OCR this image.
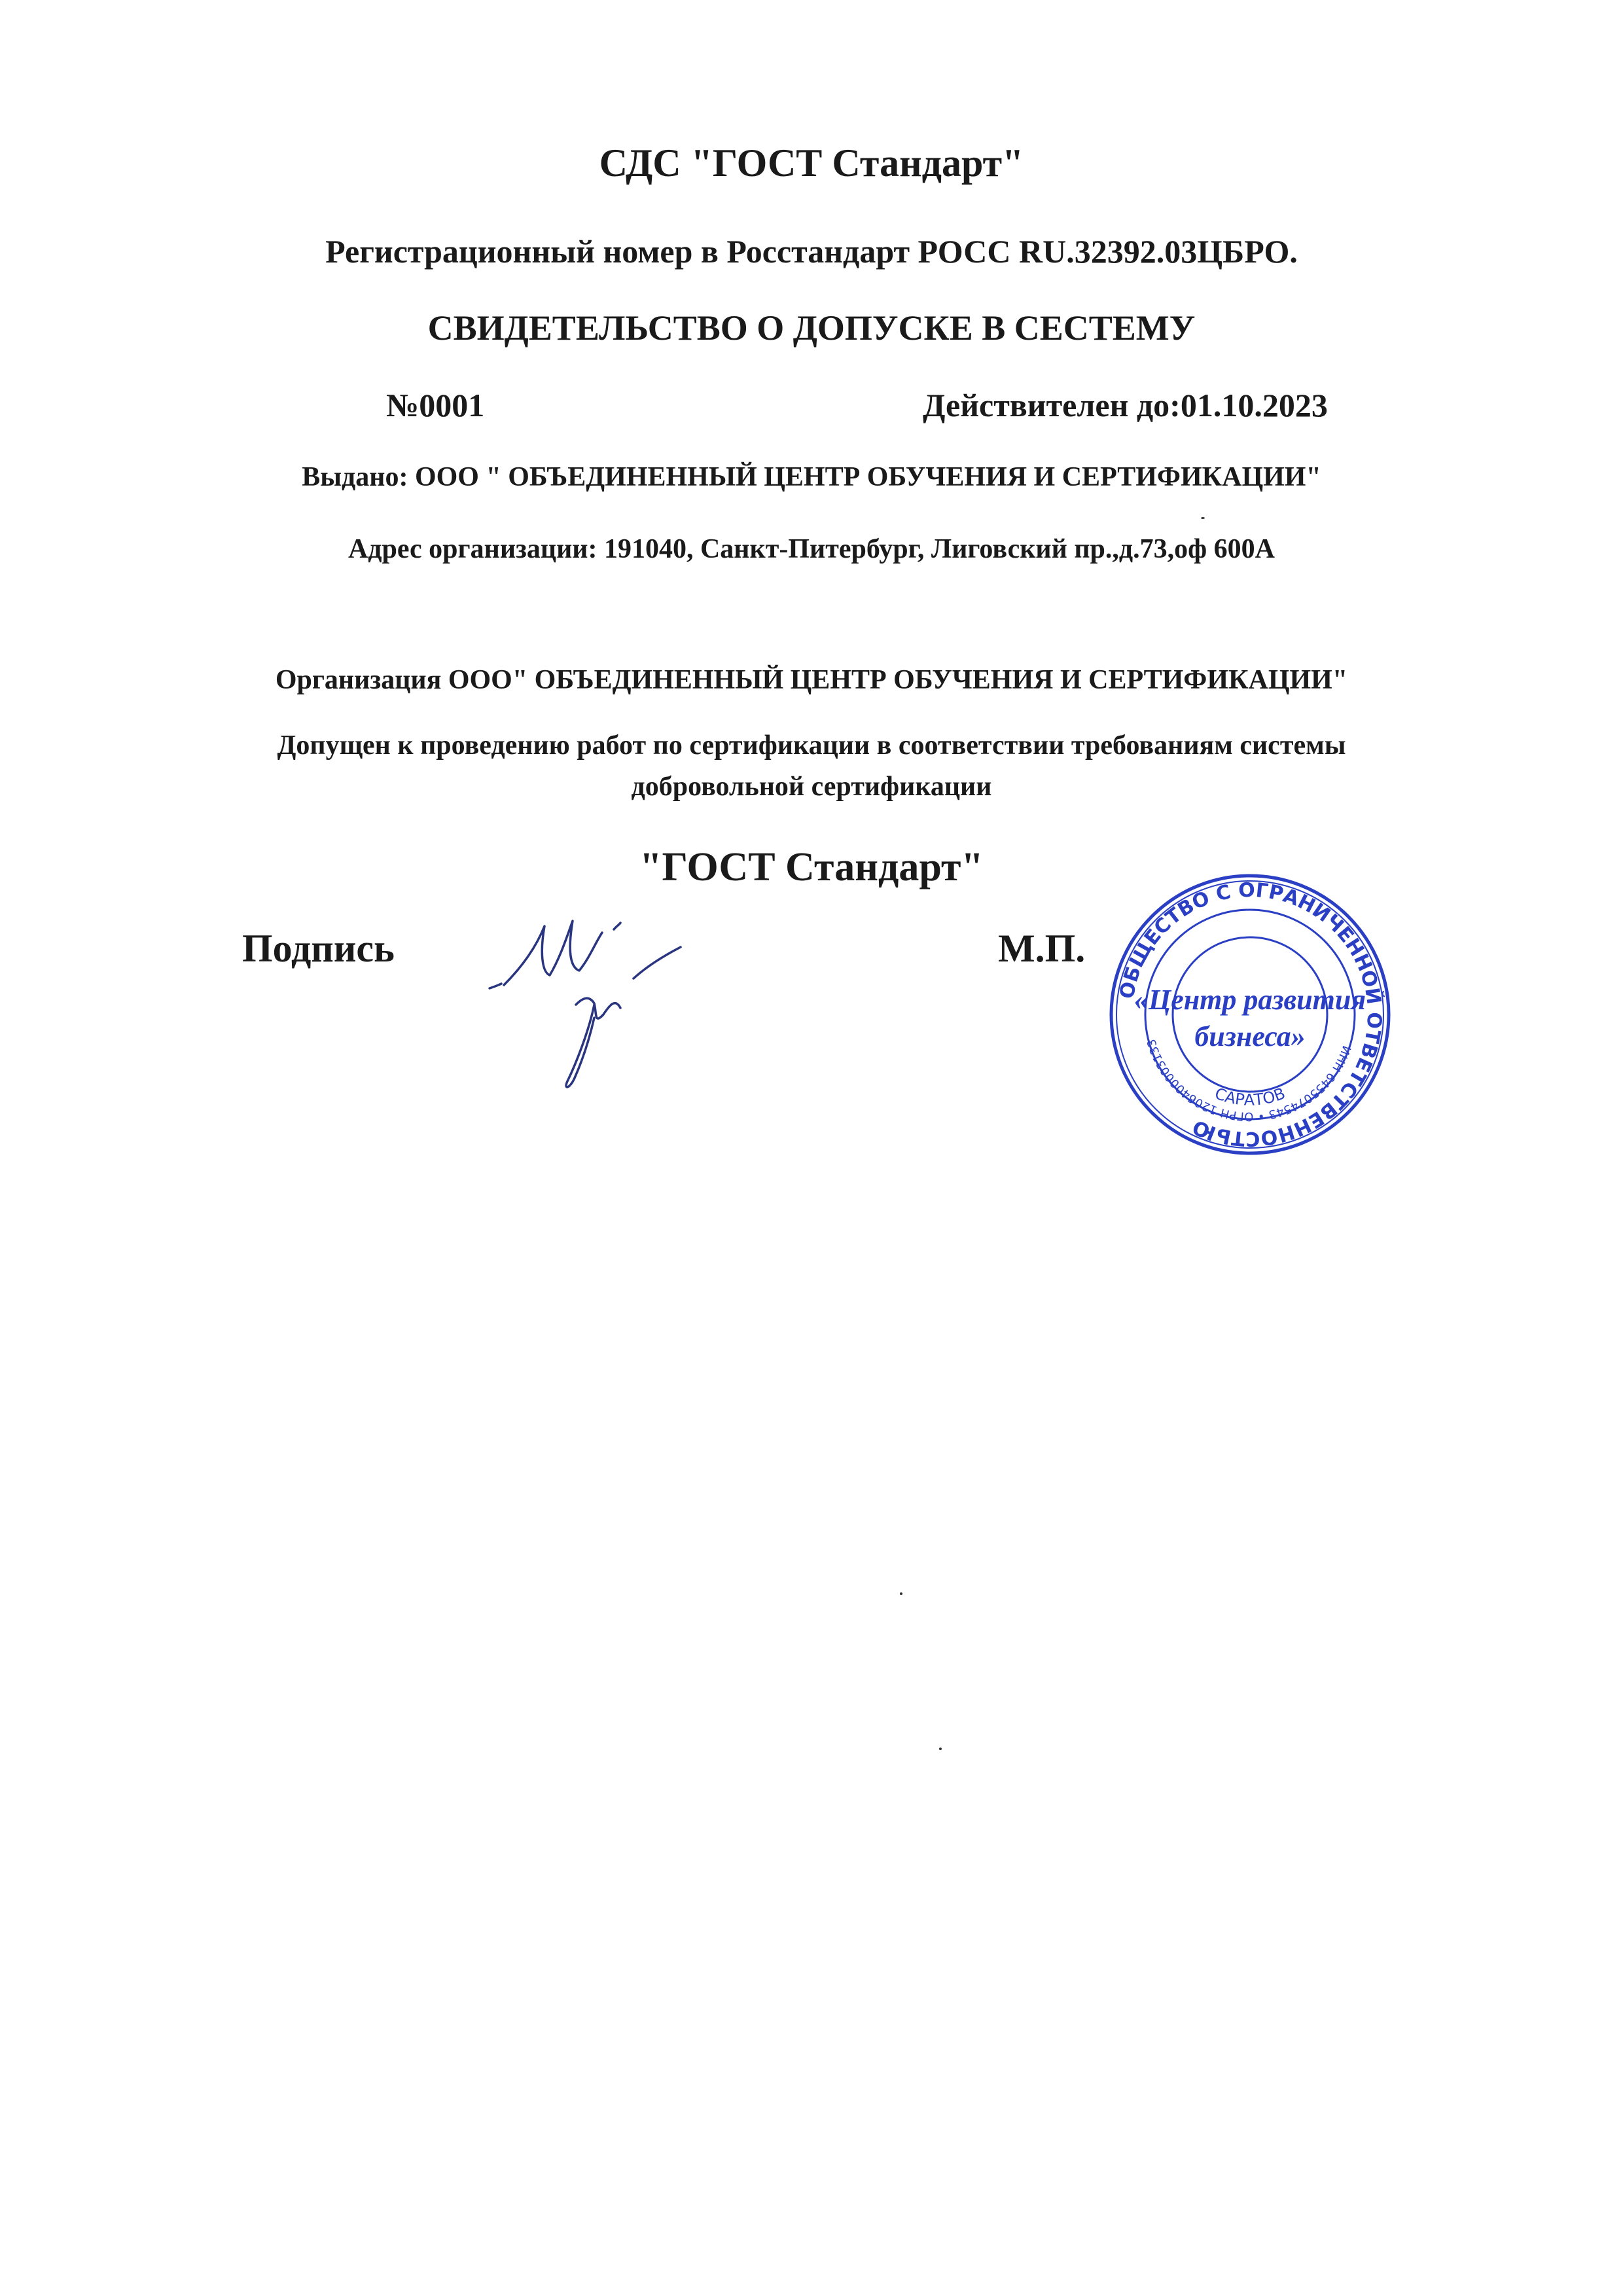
СДС "ГОСТ Стандарт"
Регистрационный номер в Росстандарт РОСС RU.32392.03ЦБРО.
СВИДЕТЕЛЬСТВО О ДОПУСКЕ В СЕСТЕМУ
№0001	Действителен до:01.10.2023
Выдано: ООО " ОБЪЕДИНЕННЫЙ ЦЕНТР ОБУЧЕНИЯ И СЕРТИФИКАЦИИ"
Адрес организации: 191040, Санкт-Питербург, Лиговский пр.,д.73,оф 600А
Организация ООО" ОБЪЕДИНЕННЫЙ ЦЕНТР ОБУЧЕНИЯ И СЕРТИФИКАЦИИ"
Допущен к проведению работ по сертификации в соответствии требованиям системы
добровольной сертификации
"ГОСТ Стандарт"
Подпись	М.П.
ОБЩЕСТВО С ОГРАНИЧЕННОЙ ОТВЕТСТВЕННОСТЬЮ
ИНН 6455074543 • ОГРН 1206400003133
САРАТОВ
«Центр развития
бизнеса»
